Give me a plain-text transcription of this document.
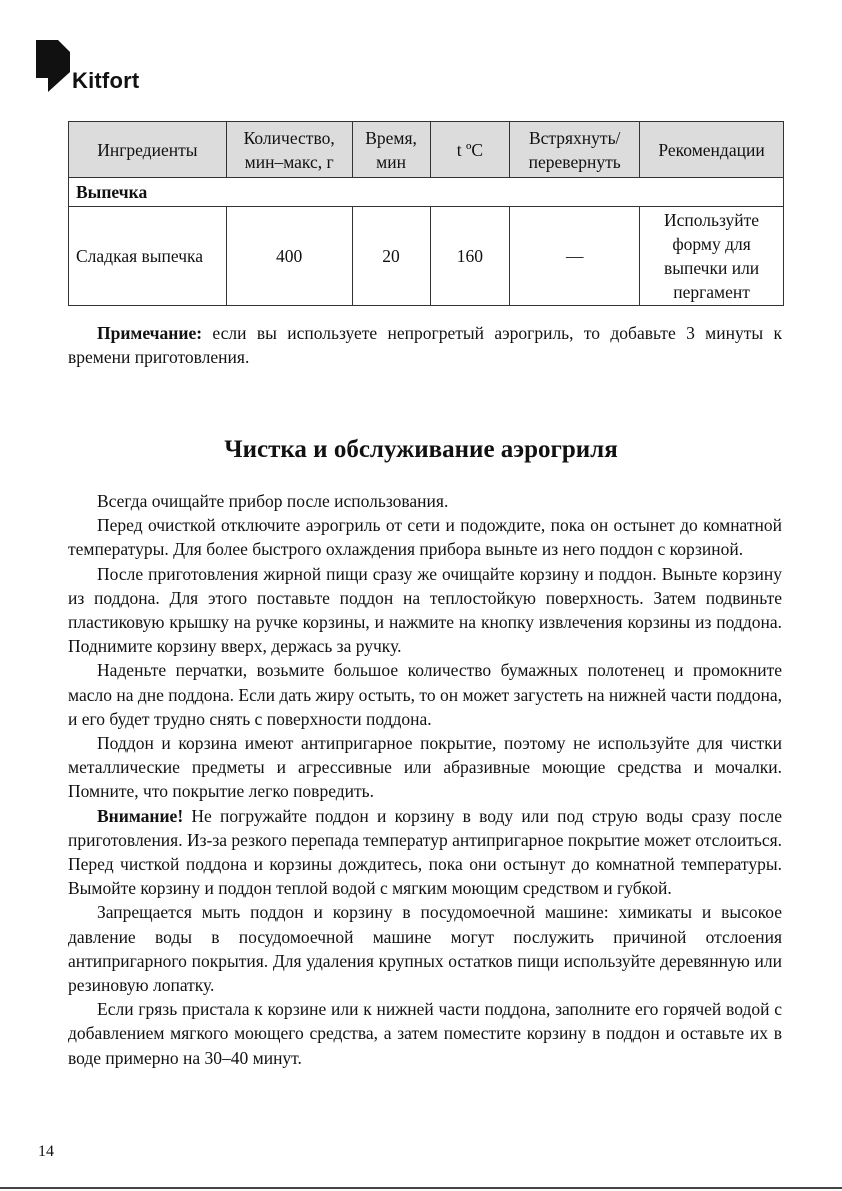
Kitfort
Ингредиенты	Количество, мин–макс, г	Время, мин	t ºC	Встряхнуть/ перевернуть	Рекомендации
Выпечка					
Сладкая выпечка	400	20	160	—	Используйте форму для выпечки или пергамент

Примечание: если вы используете непрогретый аэрогриль, то добавьте 3 минуты к времени приготовления.

Чистка и обслуживание аэрогриля

Всегда очищайте прибор после использования.

Перед очисткой отключите аэрогриль от сети и подождите, пока он остынет до комнатной температуры. Для более быстрого охлаждения прибора выньте из него поддон с корзиной.

После приготовления жирной пищи сразу же очищайте корзину и поддон. Выньте корзину из поддона. Для этого поставьте поддон на теплостойкую поверхность. Затем подвиньте пластиковую крышку на ручке корзины, и нажмите на кнопку извлечения корзины из поддона. Поднимите корзину вверх, держась за ручку.

Наденьте перчатки, возьмите большое количество бумажных полотенец и промокните масло на дне поддона. Если дать жиру остыть, то он может загустеть на нижней части поддона, и его будет трудно снять с поверхности поддона.

Поддон и корзина имеют антипригарное покрытие, поэтому не используйте для чистки металлические предметы и агрессивные или абразивные моющие средства и мочалки. Помните, что покрытие легко повредить.

Внимание! Не погружайте поддон и корзину в воду или под струю воды сразу после приготовления. Из-за резкого перепада температур антипригарное покрытие может отслоиться. Перед чисткой поддона и корзины дождитесь, пока они остынут до комнатной температуры. Вымойте корзину и поддон теплой водой с мягким моющим средством и губкой.

Запрещается мыть поддон и корзину в посудомоечной машине: химикаты и высокое давление воды в посудомоечной машине могут послужить причиной отслоения антипригарного покрытия. Для удаления крупных остатков пищи используйте деревянную или резиновую лопатку.

Если грязь пристала к корзине или к нижней части поддона, заполните его горячей водой с добавлением мягкого моющего средства, а затем поместите корзину в поддон и оставьте их в воде примерно на 30–40 минут.

14
